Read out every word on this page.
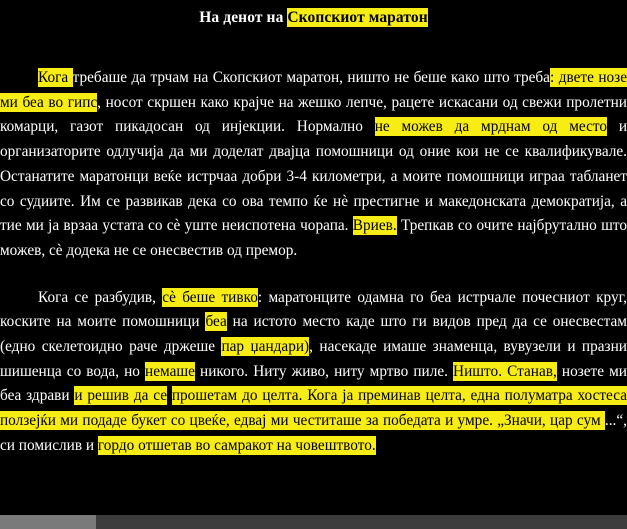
На денот на Скопскиот маратон

Кога требаше да трчам на Скопскиот маратон, ништо не беше како што треба: двете нозе ми беа во гипс, носот скршен како крајче на жешко лепче, рацете искасани од свежи пролетни комарци, газот пикадосан од инјекции. Нормално не можев да мрднам од место и организаторите одлучија да ми доделат двајца помошници од оние кои не се квалификувале. Останатите маратонци веќе истрчаа добри 3-4 километри, а моите помошници играа табланет со судиите. Им се развикав дека со ова темпо ќе нè престигне и македонската демократија, а тие ми ја врзаа устата со сè уште неиспотена чорапа. Вриев. Трепкав со очите најбрутално што можев, сè додека не се онесвестив од премор.

Кога се разбудив, сè беше тивко: маратонците одамна го беа истрчале почесниот круг, коските на моите помошници беа на истото место каде што ги видов пред да се онесвестам (едно скелетоидно раче држеше пар џандари), насекаде имаше знаменца, вувузели и празни шишенца со вода, но немаше никого. Ниту живо, ниту мртво пиле. Ништо. Станав, нозете ми беа здрави и решив да се прошетам до целта. Кога ја преминав целта, една полуматра хостеса ползејќи ми подаде букет со цвеќе, едвај ми честиташе за победата и умре. „Значи, цар сум ...“, си помислив и гордо отшетав во самракот на човештвото.
